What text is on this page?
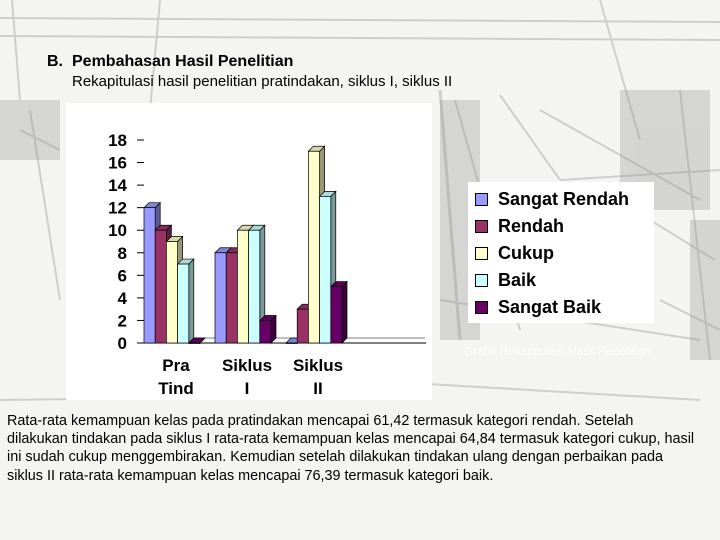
B. Pembahasan Hasil Penelitian
Rekapitulasi hasil penelitian pratindakan, siklus I, siklus II
0
2
4
6
8
10
12
14
16
18
Pra
Tind
Siklus
I
Siklus
II
Sangat Rendah
Rendah
Cukup
Baik
Sangat Baik
Grafik Rekapitulasi Hasil Penelitian
Rata-rata kemampuan kelas pada pratindakan mencapai 61,42 termasuk kategori rendah. Setelah dilakukan tindakan pada siklus I rata-rata kemampuan kelas mencapai 64,84 termasuk kategori cukup, hasil ini sudah cukup menggembirakan. Kemudian setelah dilakukan tindakan ulang dengan perbaikan pada siklus II rata-rata kemampuan kelas mencapai 76,39 termasuk kategori baik.
